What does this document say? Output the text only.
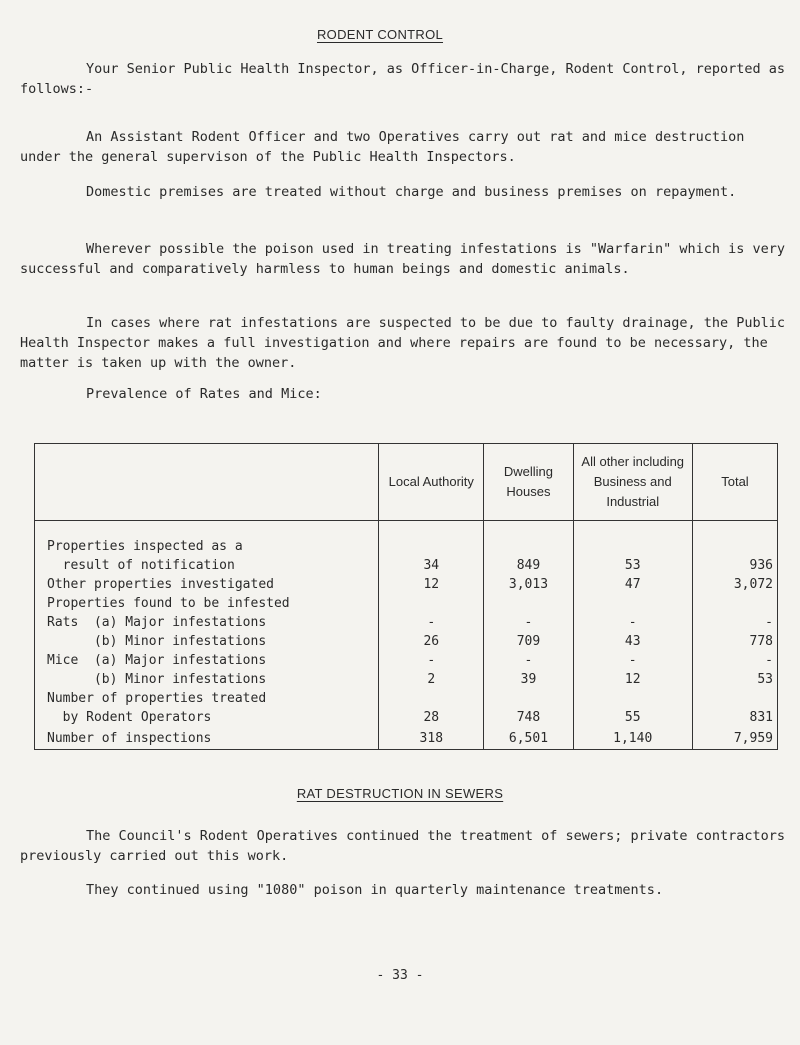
RODENT CONTROL

Your Senior Public Health Inspector, as Officer-in-Charge, Rodent Control, reported as follows:-

An Assistant Rodent Officer and two Operatives carry out rat and mice destruction under the general supervison of the Public Health Inspectors.

Domestic premises are treated without charge and business premises on repayment.

Wherever possible the poison used in treating infestations is "Warfarin" which is very successful and comparatively harmless to human beings and domestic animals.

In cases where rat infestations are suspected to be due to faulty drainage, the Public Health Inspector makes a full investigation and where repairs are found to be necessary, the matter is taken up with the owner.

Prevalence of Rates and Mice:

	Local Authority	Dwelling Houses	All other including Business and Industrial	Total

Properties inspected as a				
result of notification	34	849	53	936
Other properties investigated	12	3,013	47	3,072
Properties found to be infested				
Rats  (a) Major infestations	-	-	-	-
(b) Minor infestations	26	709	43	778
Mice  (a) Major infestations	-	-	-	-
(b) Minor infestations	2	39	12	53
Number of properties treated				
by Rodent Operators	28	748	55	831
Number of inspections	318	6,501	1,140	7,959
RAT DESTRUCTION IN SEWERS

The Council's Rodent Operatives continued the treatment of sewers; private contractors previously carried out this work.

They continued using "1080" poison in quarterly maintenance treatments.

- 33 -
